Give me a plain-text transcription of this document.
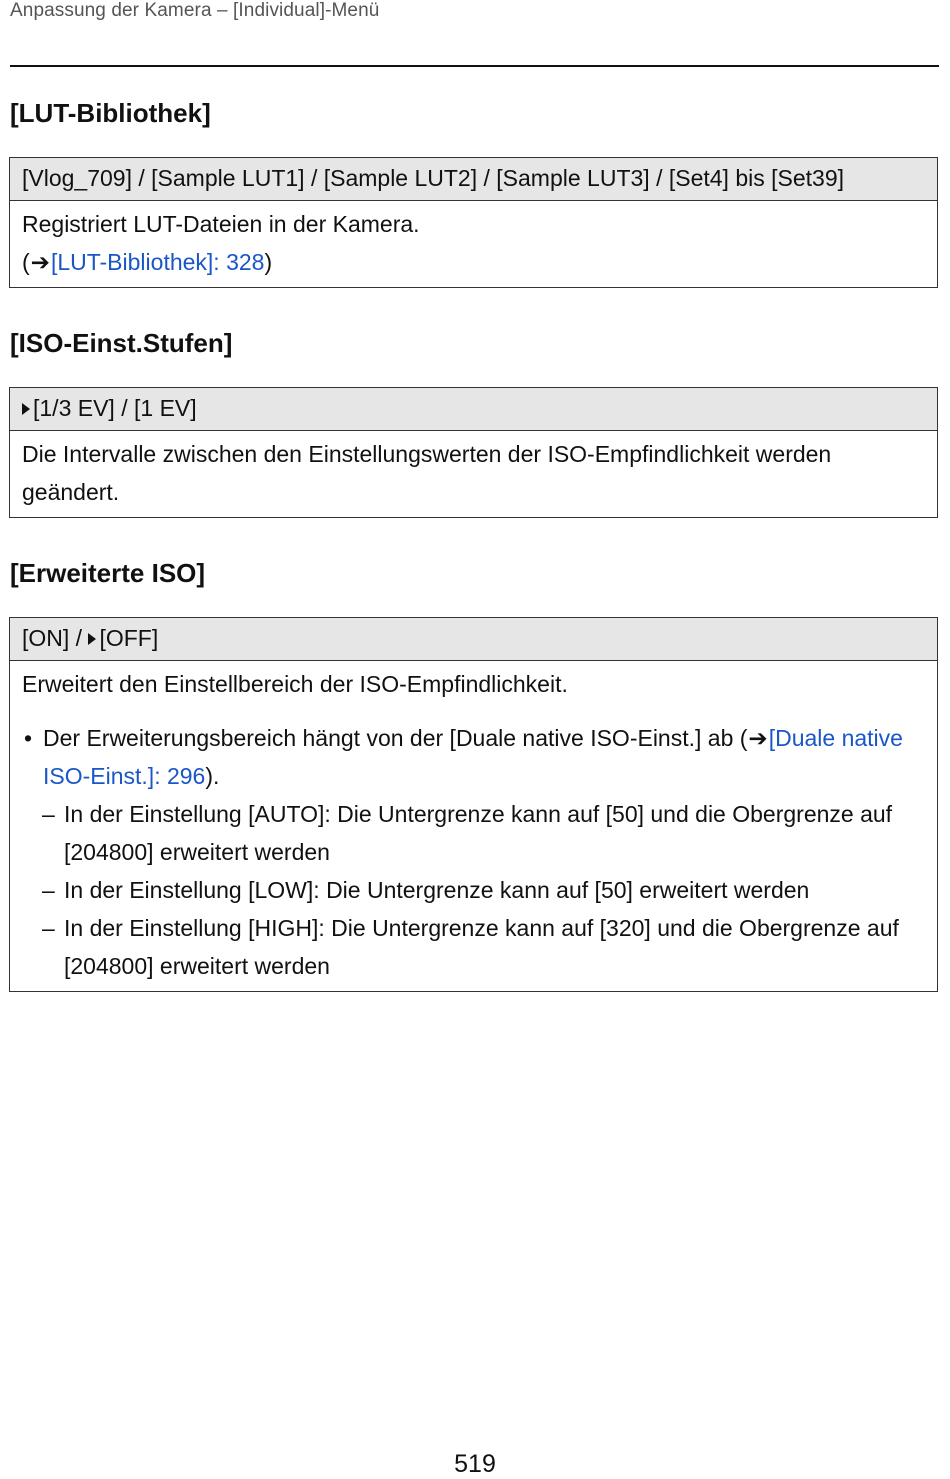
Anpassung der Kamera – [Individual]-Menü
[LUT-Bibliothek]
[Vlog_709] / [Sample LUT1] / [Sample LUT2] / [Sample LUT3] / [Set4] bis [Set39]
Registriert LUT-Dateien in der Kamera.
(➔[LUT-Bibliothek]: 328)
[ISO-Einst.Stufen]
[1/3 EV] / [1 EV]
Die Intervalle zwischen den Einstellungswerten der ISO-Empfindlichkeit werden geändert.
[Erweiterte ISO]
[ON] / [OFF]
Erweitert den Einstellbereich der ISO-Empfindlichkeit.
• Der Erweiterungsbereich hängt von der [Duale native ISO-Einst.] ab (➔[Duale native ISO-Einst.]: 296).
– In der Einstellung [AUTO]: Die Untergrenze kann auf [50] und die Obergrenze auf [204800] erweitert werden
– In der Einstellung [LOW]: Die Untergrenze kann auf [50] erweitert werden
– In der Einstellung [HIGH]: Die Untergrenze kann auf [320] und die Obergrenze auf [204800] erweitert werden
519
